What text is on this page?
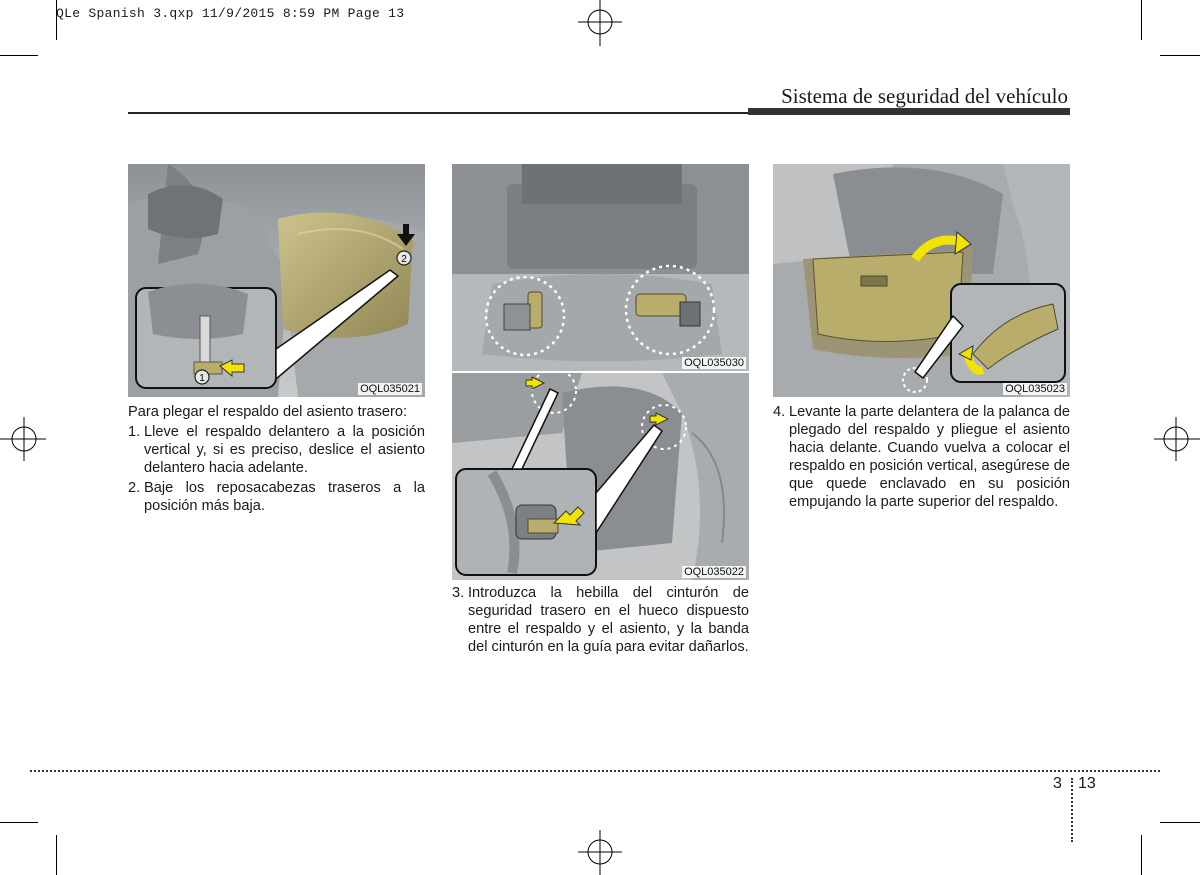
QLe Spanish 3.qxp 11/9/2015 8:59 PM Page 13
Sistema de seguridad del vehículo
2
1
OQL035021
OQL035030
OQL035022
OQL035023
Para plegar el respaldo del asiento trasero:
1. Lleve el respaldo delantero a la posición vertical y, si es preciso, deslice el asiento delantero hacia adelante.
2. Baje los reposacabezas traseros a la posición más baja.
3. Introduzca la hebilla del cinturón de seguridad trasero en el hueco dispuesto entre el respaldo y el asiento, y la banda del cinturón en la guía para evitar dañarlos.
4. Levante la parte delantera de la palanca de plegado del respaldo y pliegue el asiento hacia delante. Cuando vuelva a colocar el respaldo en posición vertical, asegúrese de que quede enclavado en su posición empujando la parte superior del respaldo.
3 13
